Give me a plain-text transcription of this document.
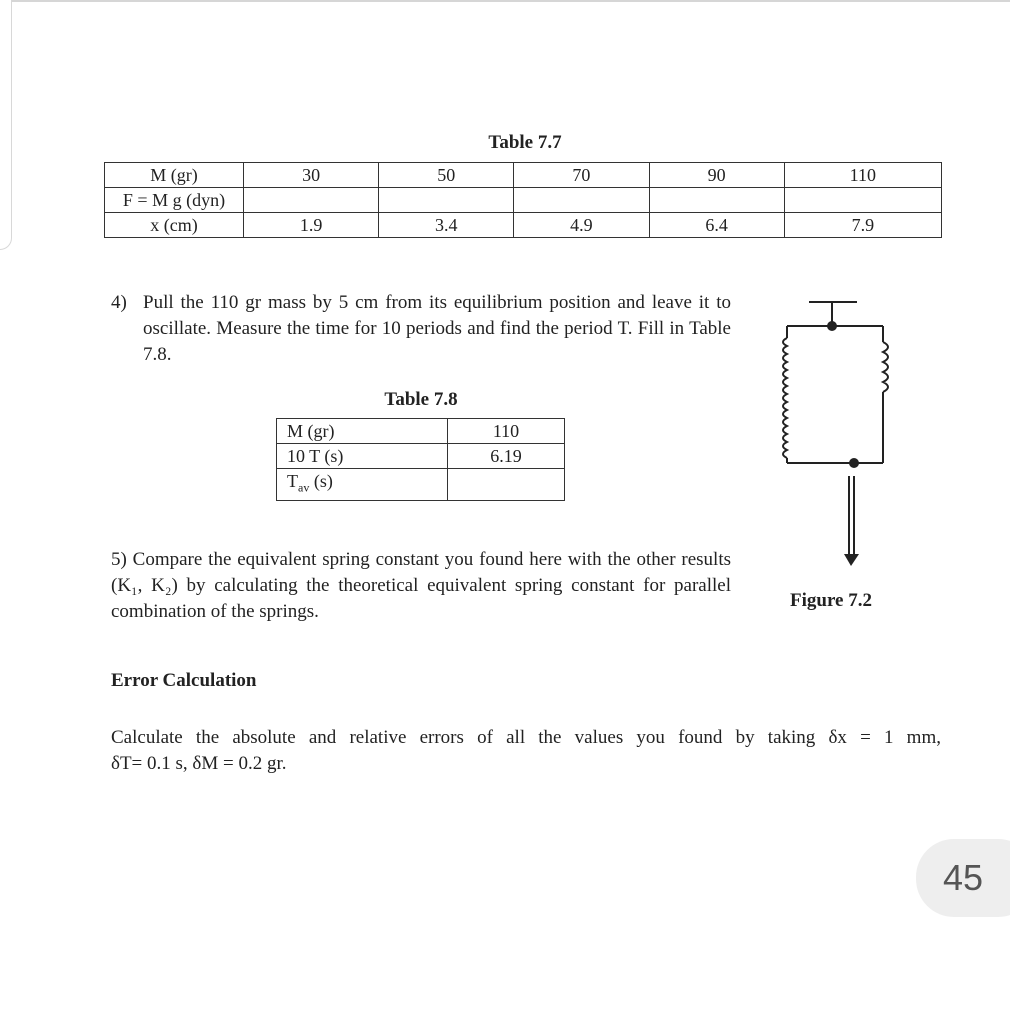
Table 7.7
M (gr)	30	50	70	90	110
F = M g (dyn)					
x (cm)	1.9	3.4	4.9	6.4	7.9
4) Pull the 110 gr mass by 5 cm from its equilibrium position and leave it to oscillate. Measure the time for 10 periods and find the period T. Fill in Table 7.8.
Table 7.8
M (gr)	110
10 T (s)	6.19
$T_{av}$ (s)	
5) Compare the equivalent spring constant you found here with the other results (K₁, K₂) by calculating the theoretical equivalent spring constant for parallel combination of the springs.
Figure 7.2
Error Calculation
Calculate the absolute and relative errors of all the values you found by taking δx = 1 mm,
δT= 0.1 s, δM = 0.2 gr.
45
